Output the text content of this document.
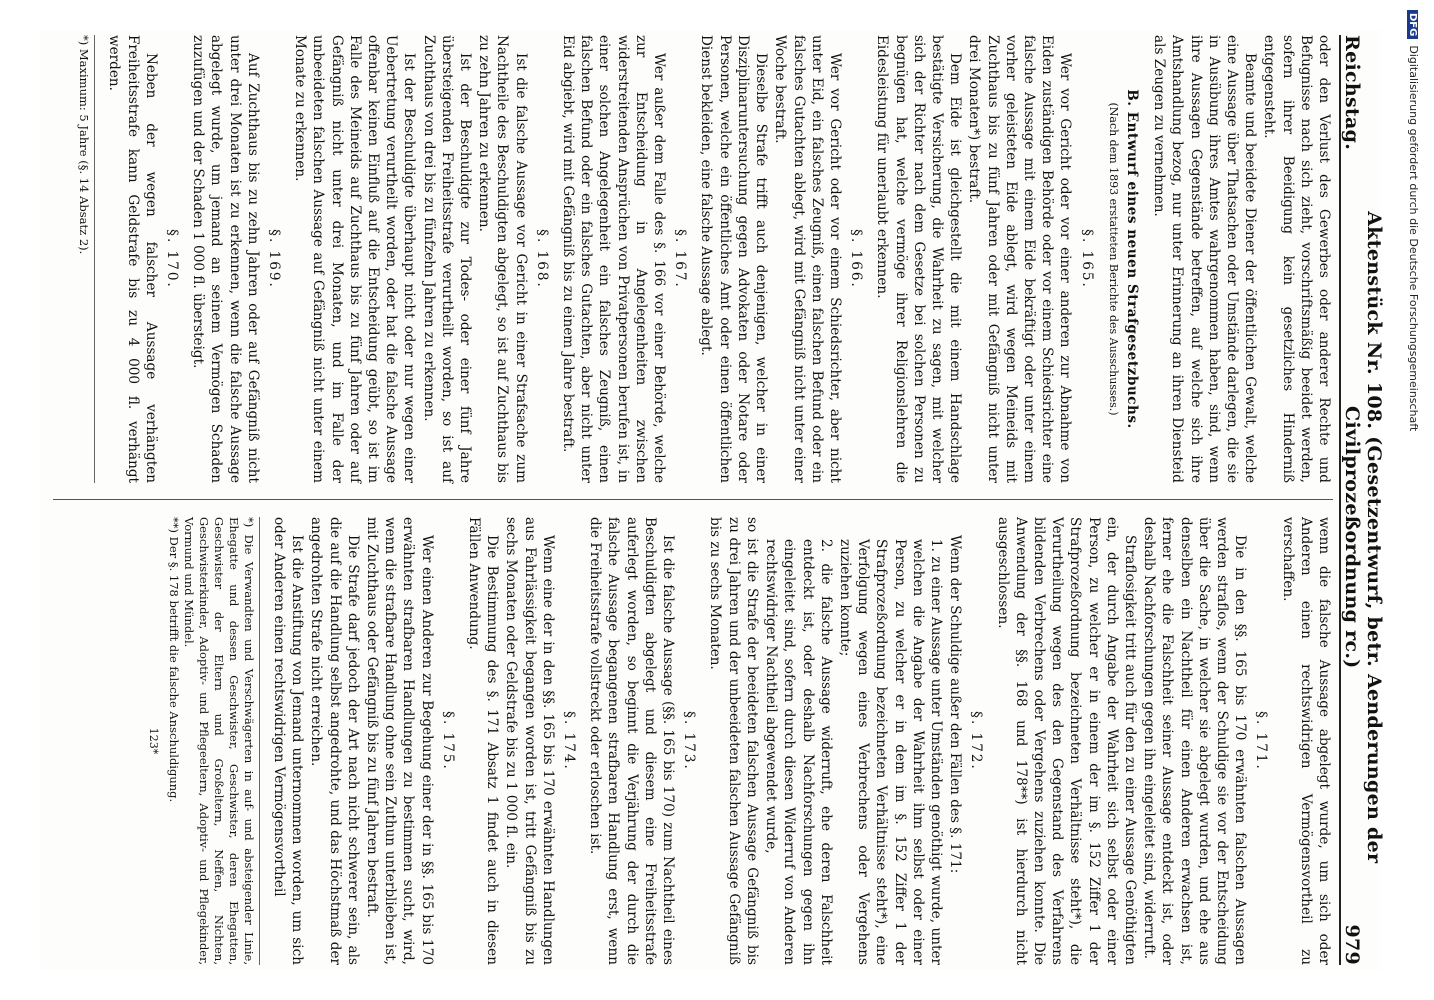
Reichstag.
Aktenstück Nr. 108. (Gesetzentwurf, betr. Aenderungen der Civilprozeßordnung rc.)
979

oder den Verlust des Gewerbes oder anderer Rechte und Befugnisse nach sich zieht, vorschriftsmäßig beeidet werden, sofern ihrer Beeidigung kein gesetzliches Hinderniß entgegensteht.

Beamte und beeidete Diener der öffentlichen Gewalt, welche eine Aussage über Thatsachen oder Umstände darlegen, die sie in Ausübung ihres Amtes wahrgenommen haben, sind, wenn ihre Aussagen Gegenstände betreffen, auf welche sich ihre Amtshandlung bezog, nur unter Erinnerung an ihren Diensteid als Zeugen zu vernehmen.

B. Entwurf eines neuen Strafgesetzbuchs.
(Nach dem 1893 erstatteten Berichte des Ausschusses.)
§. 165.

Wer vor Gericht oder vor einer anderen zur Abnahme von Eiden zuständigen Behörde oder vor einem Schiedsrichter eine falsche Aussage mit einem Eide bekräftigt oder unter einem vorher geleisteten Eide ablegt, wird wegen Meineids mit Zuchthaus bis zu fünf Jahren oder mit Gefängniß nicht unter drei Monaten*) bestraft.

Dem Eide ist gleichgestellt die mit einem Handschlage bestätigte Versicherung, die Wahrheit zu sagen, mit welcher sich der Richter nach dem Gesetze bei solchen Personen zu begnügen hat, welche vermöge ihrer Religionslehren die Eidesleistung für unerlaubt erkennen.

§. 166.

Wer vor Gericht oder vor einem Schiedsrichter, aber nicht unter Eid, ein falsches Zeugniß, einen falschen Befund oder ein falsches Gutachten ablegt, wird mit Gefängniß nicht unter einer Woche bestraft.

Dieselbe Strafe trifft auch denjenigen, welcher in einer Disziplinaruntersuchung gegen Advokaten oder Notare oder Personen, welche ein öffentliches Amt oder einen öffentlichen Dienst bekleiden, eine falsche Aussage ablegt.

§. 167.

Wer außer dem Falle des §. 166 vor einer Behörde, welche zur Entscheidung in Angelegenheiten zwischen widerstreitenden Ansprüchen von Privatpersonen berufen ist, in einer solchen Angelegenheit ein falsches Zeugniß, einen falschen Befund oder ein falsches Gutachten, aber nicht unter Eid abgiebt, wird mit Gefängniß bis zu einem Jahre bestraft.

§. 168.

Ist die falsche Aussage vor Gericht in einer Strafsache zum Nachtheile des Beschuldigten abgelegt, so ist auf Zuchthaus bis zu zehn Jahren zu erkennen.

Ist der Beschuldigte zur Todes- oder einer fünf Jahre übersteigenden Freiheitsstrafe verurtheilt worden, so ist auf Zuchthaus von drei bis zu fünfzehn Jahren zu erkennen.

Ist der Beschuldigte überhaupt nicht oder nur wegen einer Uebertretung verurtheilt worden, oder hat die falsche Aussage offenbar keinen Einfluß auf die Entscheidung geübt, so ist im Falle des Meineids auf Zuchthaus bis zu fünf Jahren oder auf Gefängniß nicht unter drei Monaten, und im Falle der unbeeideten falschen Aussage auf Gefängniß nicht unter einem Monate zu erkennen.

§. 169.

Auf Zuchthaus bis zu zehn Jahren oder auf Gefängniß nicht unter drei Monaten ist zu erkennen, wenn die falsche Aussage abgelegt wurde, um jemand an seinem Vermögen Schaden zuzufügen und der Schaden 1 000 fl. übersteigt.

§. 170.

Neben der wegen falscher Aussage verhängten Freiheitsstrafe kann Geldstrafe bis zu 4 000 fl. verhängt werden.

*) Maximum: 5 Jahre (§. 14 Absatz 2).

wenn die falsche Aussage abgelegt wurde, um sich oder Anderen einen rechtswidrigen Vermögensvortheil zu verschaffen.

§. 171.

Die in den §§. 165 bis 170 erwähnten falschen Aussagen werden straflos, wenn der Schuldige sie vor der Entscheidung über die Sache, in welcher sie abgelegt wurden, und ehe aus denselben ein Nachtheil für einen Anderen erwachsen ist, ferner ehe die Falschheit seiner Aussage entdeckt ist, oder deshalb Nachforschungen gegen ihn eingeleitet sind, widerruft.

Straflosigkeit tritt auch für den zu einer Aussage Genöthigten ein, der durch Angabe der Wahrheit sich selbst oder einer Person, zu welcher er in einem der im §. 152 Ziffer 1 der Strafprozeßordnung bezeichneten Verhältnisse steht*), die Verurtheilung wegen des den Gegenstand des Verfahrens bildenden Verbrechens oder Vergehens zuziehen konnte. Die Anwendung der §§. 168 und 178**) ist hierdurch nicht ausgeschlossen.

§. 172.

Wenn der Schuldige außer den Fällen des §. 171:

1. zu einer Aussage unter Umständen genöthigt wurde, unter welchen die Angabe der Wahrheit ihm selbst oder einer Person, zu welcher er in dem im §. 152 Ziffer 1 der Strafprozeßordnung bezeichneten Verhältnisse steht*), eine Verfolgung wegen eines Verbrechens oder Vergehens zuziehen konnte;
2. die falsche Aussage widerruft, ehe deren Falschheit entdeckt ist, oder deshalb Nachforschungen gegen ihn eingeleitet sind, sofern durch diesen Widerruf von Anderen rechtswidriger Nachtheil abgewendet wurde,

so ist die Strafe der beeideten falschen Aussage Gefängniß bis zu drei Jahren und der unbeeideten falschen Aussage Gefängniß bis zu sechs Monaten.

§. 173.

Ist die falsche Aussage (§§. 165 bis 170) zum Nachtheil eines Beschuldigten abgelegt und diesem eine Freiheitsstrafe auferlegt worden, so beginnt die Verjährung der durch die falsche Aussage begangenen strafbaren Handlung erst, wenn die Freiheitsstrafe vollstreckt oder erloschen ist.

§. 174.

Wenn eine der in den §§. 165 bis 170 erwähnten Handlungen aus Fahrlässigkeit begangen worden ist, tritt Gefängniß bis zu sechs Monaten oder Geldstrafe bis zu 1 000 fl. ein.

Die Bestimmung des §. 171 Absatz 1 findet auch in diesen Fällen Anwendung.

§. 175.

Wer einen Anderen zur Begehung einer der in §§. 165 bis 170 erwähnten strafbaren Handlungen zu bestimmen sucht, wird, wenn die strafbare Handlung ohne sein Zuthun unterblieben ist, mit Zuchthaus oder Gefängniß bis zu fünf Jahren bestraft.

Die Strafe darf jedoch der Art nach nicht schwerer sein, als die auf die Handlung selbst angedrohte, und das Höchstmaß der angedrohten Strafe nicht erreichen.

Ist die Anstiftung von Jemand unternommen worden, um sich oder Anderen einen rechtswidrigen Vermögensvortheil

*) Die Verwandten und Verschwägerten in auf- und absteigender Linie, Ehegatte und dessen Geschwister, Geschwister, deren Ehegatten, Geschwister der Eltern und Großeltern, Neffen, Nichten, Geschwisterkinder, Adoptiv- und Pflegeeltern, Adoptiv- und Pflegekinder, Vormund und Mündel.

**) Der §. 178 betrifft die falsche Anschuldigung.

123*
DFGDigitalisierung gefördert durch die Deutsche Forschungsgemeinschaft
